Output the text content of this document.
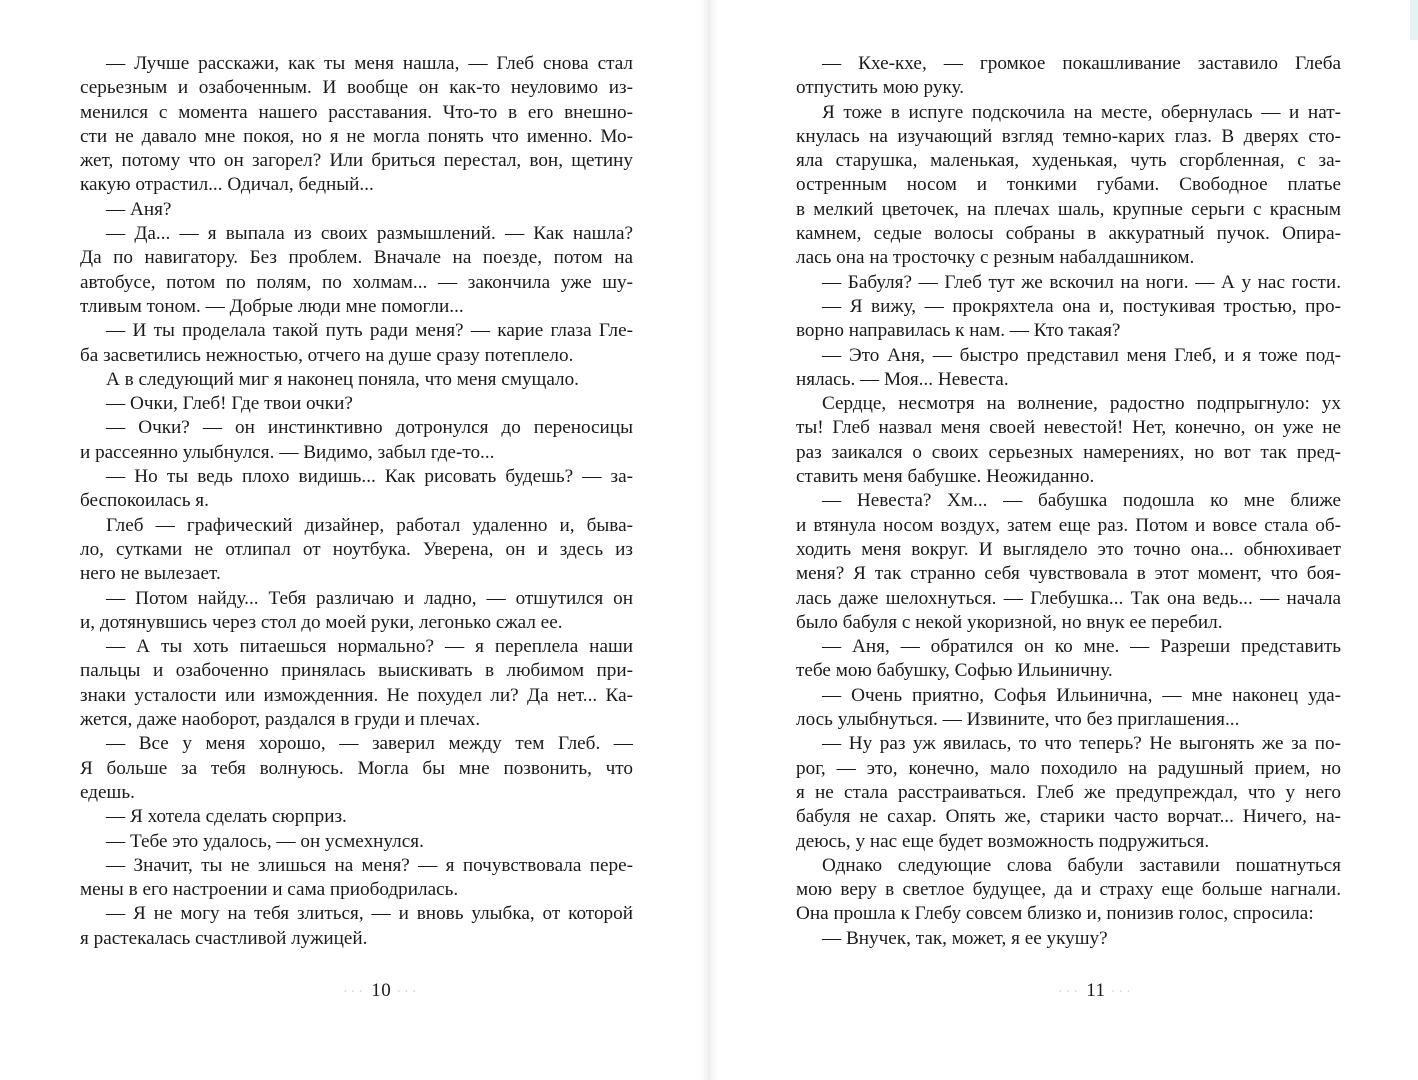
— Лучше расскажи, как ты меня нашла, — Глеб снова стал
серьезным и озабоченным. И вообще он как-то неуловимо из-
менился с момента нашего расставания. Что-то в его внешно-
сти не давало мне покоя, но я не могла понять что именно. Мо-
жет, потому что он загорел? Или бриться перестал, вон, щетину
какую отрастил... Одичал, бедный...
— Аня?
— Да... — я выпала из своих размышлений. — Как нашла?
Да по навигатору. Без проблем. Вначале на поезде, потом на
автобусе, потом по полям, по холмам... — закончила уже шу-
тливым тоном. — Добрые люди мне помогли...
— И ты проделала такой путь ради меня? — карие глаза Гле-
ба засветились нежностью, отчего на душе сразу потеплело.
А в следующий миг я наконец поняла, что меня смущало.
— Очки, Глеб! Где твои очки?
— Очки? — он инстинктивно дотронулся до переносицы
и рассеянно улыбнулся. — Видимо, забыл где-то...
— Но ты ведь плохо видишь... Как рисовать будешь? — за-
беспокоилась я.
Глеб — графический дизайнер, работал удаленно и, быва-
ло, сутками не отлипал от ноутбука. Уверена, он и здесь из
него не вылезает.
— Потом найду... Тебя различаю и ладно, — отшутился он
и, дотянувшись через стол до моей руки, легонько сжал ее.
— А ты хоть питаешься нормально? — я переплела наши
пальцы и озабоченно принялась выискивать в любимом при-
знаки усталости или изможденния. Не похудел ли? Да нет... Ка-
жется, даже наоборот, раздался в груди и плечах.
— Все у меня хорошо, — заверил между тем Глеб. —
Я больше за тебя волнуюсь. Могла бы мне позвонить, что
едешь.
— Я хотела сделать сюрприз.
— Тебе это удалось, — он усмехнулся.
— Значит, ты не злишься на меня? — я почувствовала пере-
мены в его настроении и сама приободрилась.
— Я не могу на тебя злиться, — и вновь улыбка, от которой
я растекалась счастливой лужицей.
— Кхе-кхе, — громкое покашливание заставило Глеба
отпустить мою руку.
Я тоже в испуге подскочила на месте, обернулась — и нат-
кнулась на изучающий взгляд темно-карих глаз. В дверях сто-
яла старушка, маленькая, худенькая, чуть сгорбленная, с за-
остренным носом и тонкими губами. Свободное платье
в мелкий цветочек, на плечах шаль, крупные серьги с красным
камнем, седые волосы собраны в аккуратный пучок. Опира-
лась она на тросточку с резным набалдашником.
— Бабуля? — Глеб тут же вскочил на ноги. — А у нас гости.
— Я вижу, — прокряхтела она и, постукивая тростью, про-
ворно направилась к нам. — Кто такая?
— Это Аня, — быстро представил меня Глеб, и я тоже под-
нялась. — Моя... Невеста.
Сердце, несмотря на волнение, радостно подпрыгнуло: ух
ты! Глеб назвал меня своей невестой! Нет, конечно, он уже не
раз заикался о своих серьезных намерениях, но вот так пред-
ставить меня бабушке. Неожиданно.
— Невеста? Хм... — бабушка подошла ко мне ближе
и втянула носом воздух, затем еще раз. Потом и вовсе стала об-
ходить меня вокруг. И выглядело это точно она... обнюхивает
меня? Я так странно себя чувствовала в этот момент, что боя-
лась даже шелохнуться. — Глебушка... Так она ведь... — начала
было бабуля с некой укоризной, но внук ее перебил.
— Аня, — обратился он ко мне. — Разреши представить
тебе мою бабушку, Софью Ильиничну.
— Очень приятно, Софья Ильинична, — мне наконец уда-
лось улыбнуться. — Извините, что без приглашения...
— Ну раз уж явилась, то что теперь? Не выгонять же за по-
рог, — это, конечно, мало походило на радушный прием, но
я не стала расстраиваться. Глеб же предупреждал, что у него
бабуля не сахар. Опять же, старики часто ворчат... Ничего, на-
деюсь, у нас еще будет возможность подружиться.
Однако следующие слова бабули заставили пошатнуться
мою веру в светлое будущее, да и страху еще больше нагнали.
Она прошла к Глебу совсем близко и, понизив голос, спросила:
— Внучек, так, может, я ее укушу?
··· 10 ···	··· 11 ···
